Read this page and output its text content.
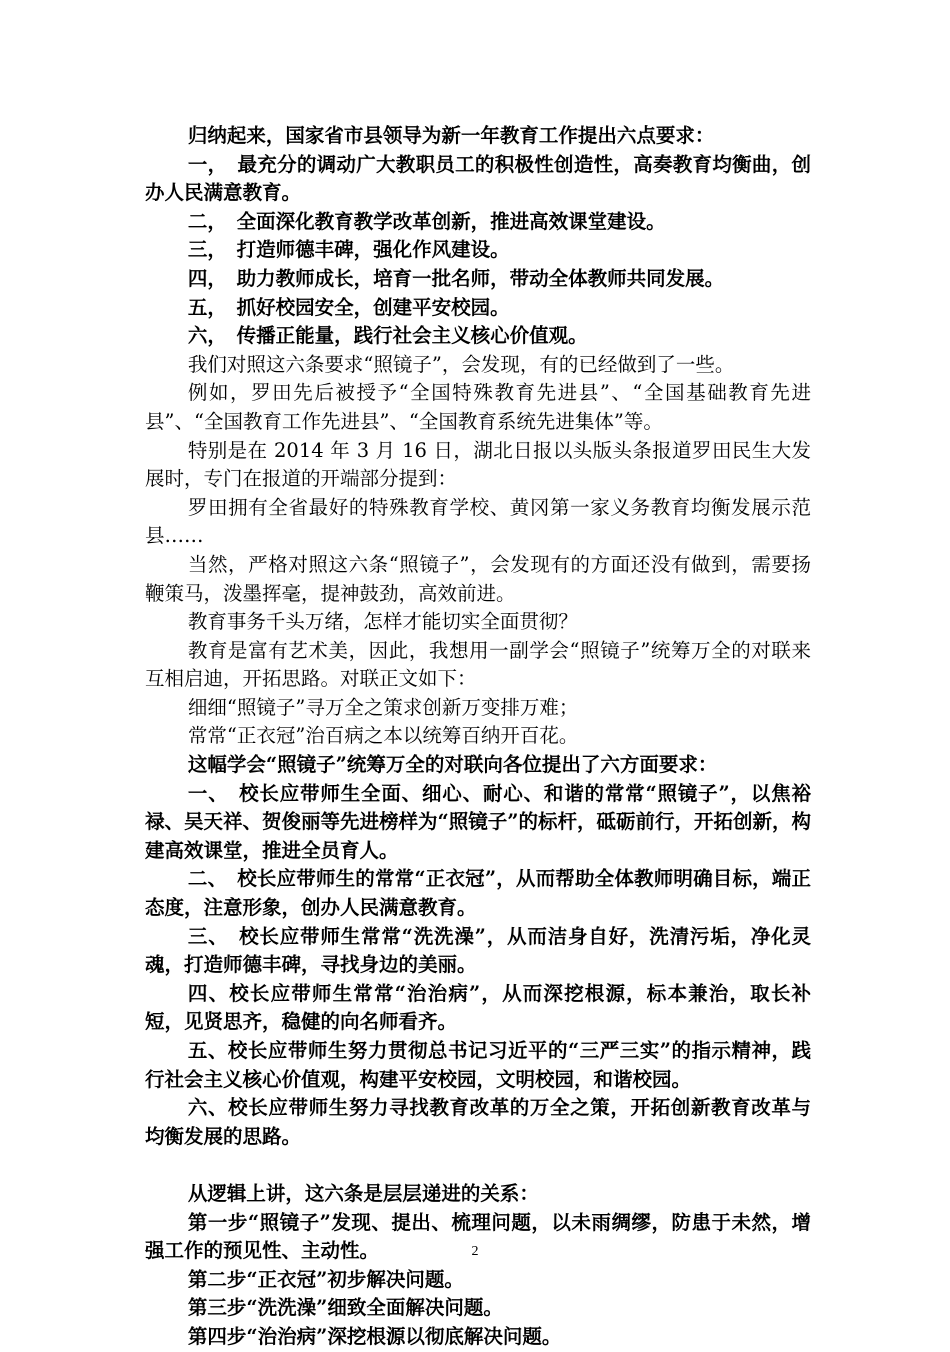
归纳起来，国家省市县领导为新一年教育工作提出六点要求：

一，　最充分的调动广大教职员工的积极性创造性，高奏教育均衡曲，创办人民满意教育。

二，　全面深化教育教学改革创新，推进高效课堂建设。

三，　打造师德丰碑，强化作风建设。

四，　助力教师成长，培育一批名师，带动全体教师共同发展。

五，　抓好校园安全，创建平安校园。

六，　传播正能量，践行社会主义核心价值观。

我们对照这六条要求“照镜子”，会发现，有的已经做到了一些。

例如，罗田先后被授予“全国特殊教育先进县”、“全国基础教育先进县”、“全国教育工作先进县”、“全国教育系统先进集体”等。

特别是在 2014 年 3 月 16 日，湖北日报以头版头条报道罗田民生大发展时，专门在报道的开端部分提到：

罗田拥有全省最好的特殊教育学校、黄冈第一家义务教育均衡发展示范县……

当然，严格对照这六条“照镜子”，会发现有的方面还没有做到，需要扬鞭策马，泼墨挥毫，提神鼓劲，高效前进。

教育事务千头万绪，怎样才能切实全面贯彻？

教育是富有艺术美，因此，我想用一副学会“照镜子”统筹万全的对联来互相启迪，开拓思路。对联正文如下：

细细“照镜子”寻万全之策求创新万变排万难；

常常“正衣冠”治百病之本以统筹百纳开百花。

这幅学会“照镜子”统筹万全的对联向各位提出了六方面要求：

一、　校长应带师生全面、细心、耐心、和谐的常常“照镜子”，以焦裕禄、吴天祥、贺俊丽等先进榜样为“照镜子”的标杆，砥砺前行，开拓创新，构建高效课堂，推进全员育人。

二、　校长应带师生的常常“正衣冠”，从而帮助全体教师明确目标，端正态度，注意形象，创办人民满意教育。

三、　校长应带师生常常“洗洗澡”，从而洁身自好，洗清污垢，净化灵魂，打造师德丰碑，寻找身边的美丽。

四、校长应带师生常常“治治病”，从而深挖根源，标本兼治，取长补短，见贤思齐，稳健的向名师看齐。

五、校长应带师生努力贯彻总书记习近平的“三严三实”的指示精神，践行社会主义核心价值观，构建平安校园，文明校园，和谐校园。

六、校长应带师生努力寻找教育改革的万全之策，开拓创新教育改革与均衡发展的思路。

从逻辑上讲，这六条是层层递进的关系：

第一步“照镜子”发现、提出、梳理问题，以未雨绸缪，防患于未然，增强工作的预见性、主动性。

第二步“正衣冠”初步解决问题。

第三步“洗洗澡”细致全面解决问题。

第四步“治治病”深挖根源以彻底解决问题。

2
